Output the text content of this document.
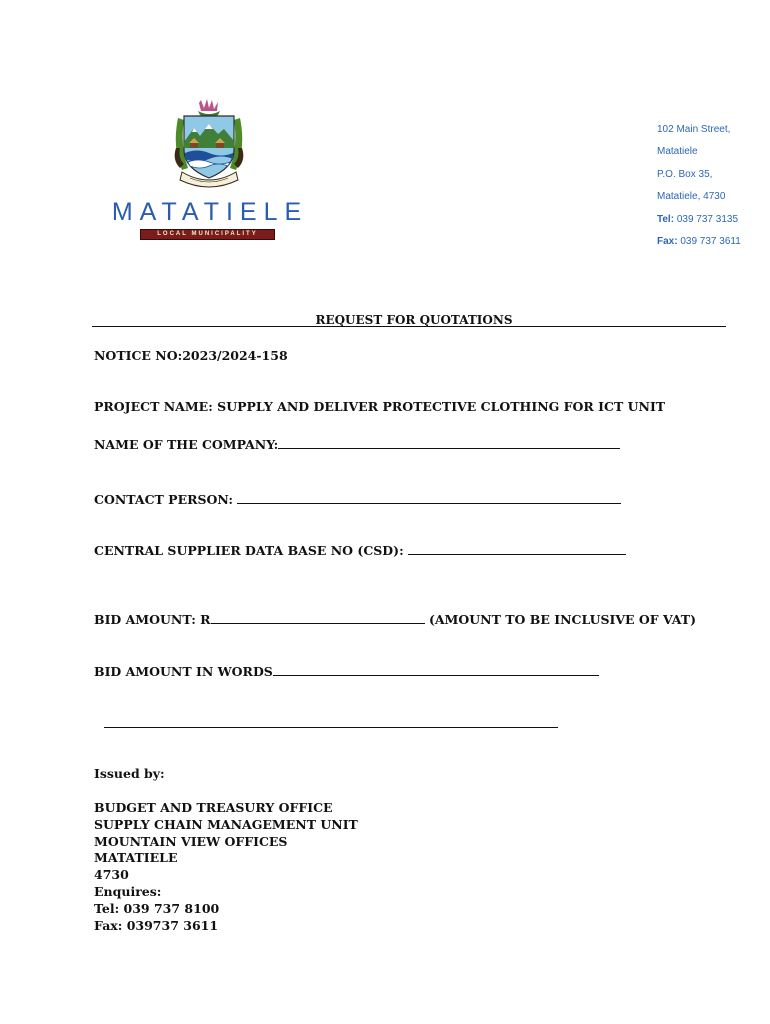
MATATIELE
LOCAL MUNICIPALITY
102 Main Street,
Matatiele
P.O. Box 35,
Matatiele, 4730
Tel: 039 737 3135
Fax: 039 737 3611
REQUEST FOR QUOTATIONS
NOTICE NO:2023/2024-158
PROJECT NAME: SUPPLY AND DELIVER PROTECTIVE CLOTHING FOR ICT UNIT
NAME OF THE COMPANY:
CONTACT PERSON:
CENTRAL SUPPLIER DATA BASE NO (CSD):
BID AMOUNT: R	(AMOUNT TO BE INCLUSIVE OF VAT)
BID AMOUNT IN WORDS
Issued by:
BUDGET AND TREASURY OFFICE
SUPPLY CHAIN MANAGEMENT UNIT
MOUNTAIN VIEW OFFICES
MATATIELE
4730
Enquires:
Tel: 039 737 8100
Fax: 039737 3611
